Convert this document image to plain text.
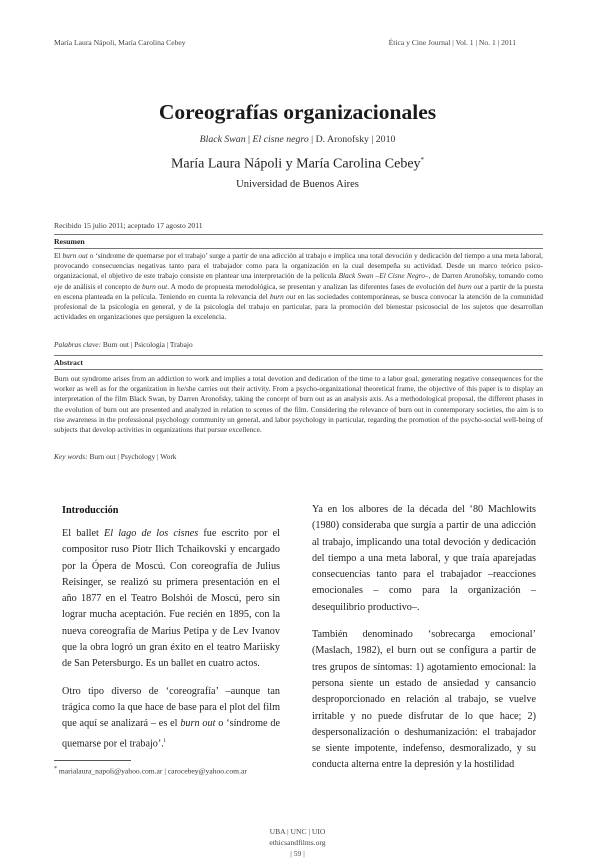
María Laura Nápoli, María Carolina Cebey	Ética y Cine Journal | Vol. 1 | No. 1 | 2011
Coreografías organizacionales
Black Swan | El cisne negro | D. Aronofsky | 2010
María Laura Nápoli y María Carolina Cebey*
Universidad de Buenos Aires
Recibido 15 julio 2011; aceptado 17 agosto 2011
Resumen
El burn out o ‘síndrome de quemarse por el trabajo’ surge a partir de una adicción al trabajo e implica una total devoción y dedicación del tiempo a una meta laboral, provocando consecuencias negativas tanto para el trabajador como para la organización en la cual desempeña su actividad. Desde un marco teórico psico-organizacional, el objetivo de este trabajo consiste en plantear una interpretación de la película Black Swan –El Cisne Negro–, de Darren Aronofsky, tomando como eje de análisis el concepto de burn out. A modo de propuesta metodológica, se presentan y analizan las diferentes fases de evolución del burn out a partir de la puesta en escena planteada en la película. Teniendo en cuenta la relevancia del burn out en las sociedades contemporáneas, se busca convocar la atención de la comunidad profesional de la psicología en general, y de la psicología del trabajo en particular, para la promoción del bienestar psicosocial de los sujetos que desarrollan actividades en organizaciones que persiguen la excelencia.
Palabras clave: Burn out | Psicología | Trabajo
Abstract
Burn out syndrome arises from an addiction to work and implies a total devotion and dedication of the time to a labor goal, generating negative consequences for the worker as well as for the organization in he/she carries out their activity. From a psycho-organizational theoretical frame, the objective of this paper is to display an interpretation of the film Black Swan, by Darren Aronofsky, taking the concept of burn out as an analysis axis. As a methodological proposal, the different phases in the evolution of burn out are presented and analyzed in relation to scenes of the film. Considering the relevance of burn out in contemporary societies, the aim is to rise awareness in the professional psychology community un general, and labor psychology in particular, regarding the promotion of the psycho-social well-being of subjects that develop activities in organizations that pursue excellence.
Key words: Burn out | Psychology | Work
Introducción

El ballet El lago de los cisnes fue escrito por el compositor ruso Piotr Ilich Tchaikovski y encargado por la Ópera de Moscú. Con coreografía de Julius Reisinger, se realizó su primera presentación en el año 1877 en el Teatro Bolshói de Moscú, pero sin lograr mucha aceptación. Fue recién en 1895, con la nueva coreografía de Marius Petipa y de Lev Ivanov que la obra logró un gran éxito en el teatro Mariisky de San Petersburgo. Es un ballet en cuatro actos.

Otro tipo diverso de ‘coreografía’ –aunque tan trágica como la que hace de base para el plot del film que aquí se analizará – es el burn out o ‘síndrome de quemarse por el trabajo’.$^i$

Ya en los albores de la década del ‘80 Machlowits (1980) consideraba que surgía a partir de una adicción al trabajo, implicando una total devoción y dedicación del tiempo a una meta laboral, y que traía aparejadas consecuencias tanto para el trabajador –reacciones emocionales – como para la organización –desequilibrio productivo–.

También denominado ‘sobrecarga emocional’ (Maslach, 1982), el burn out se configura a partir de tres grupos de síntomas: 1) agotamiento emocional: la persona siente un estado de ansiedad y cansancio desproporcionado en relación al trabajo, se vuelve irritable y no puede disfrutar de lo que hace; 2) despersonalización o deshumanización: el trabajador se siente impotente, indefenso, desmoralizado, y su conducta alterna entre la depresión y la hostilidad

* marialaura_napoli@yahoo.com.ar | carocebey@yahoo.com.ar
UBA | UNC | UIO
ethicsandfilms.org
| 59 |
